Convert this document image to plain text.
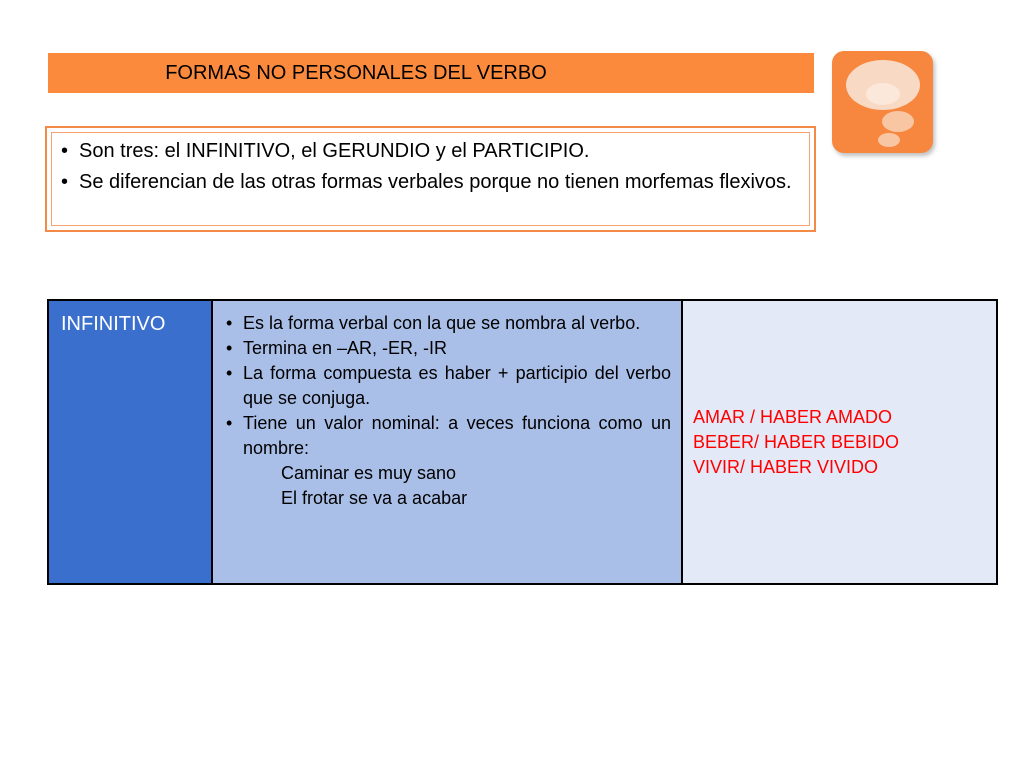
FORMAS NO PERSONALES DEL VERBO
• Son tres: el INFINITIVO, el GERUNDIO y el PARTICIPIO.
• Se diferencian de las otras formas verbales porque no tienen morfemas flexivos.
INFINITIVO

•Es la forma verbal con la que se nombra al verbo.
• Termina en –AR, -ER, -IR
• La forma compuesta es haber + participio del verbo que se conjuga.
• Tiene un valor nominal: a veces funciona como un nombre:
Caminar es muy sano
El frotar se va a acabar

AMAR / HABER AMADO
BEBER/ HABER BEBIDO
VIVIR/ HABER VIVIDO
